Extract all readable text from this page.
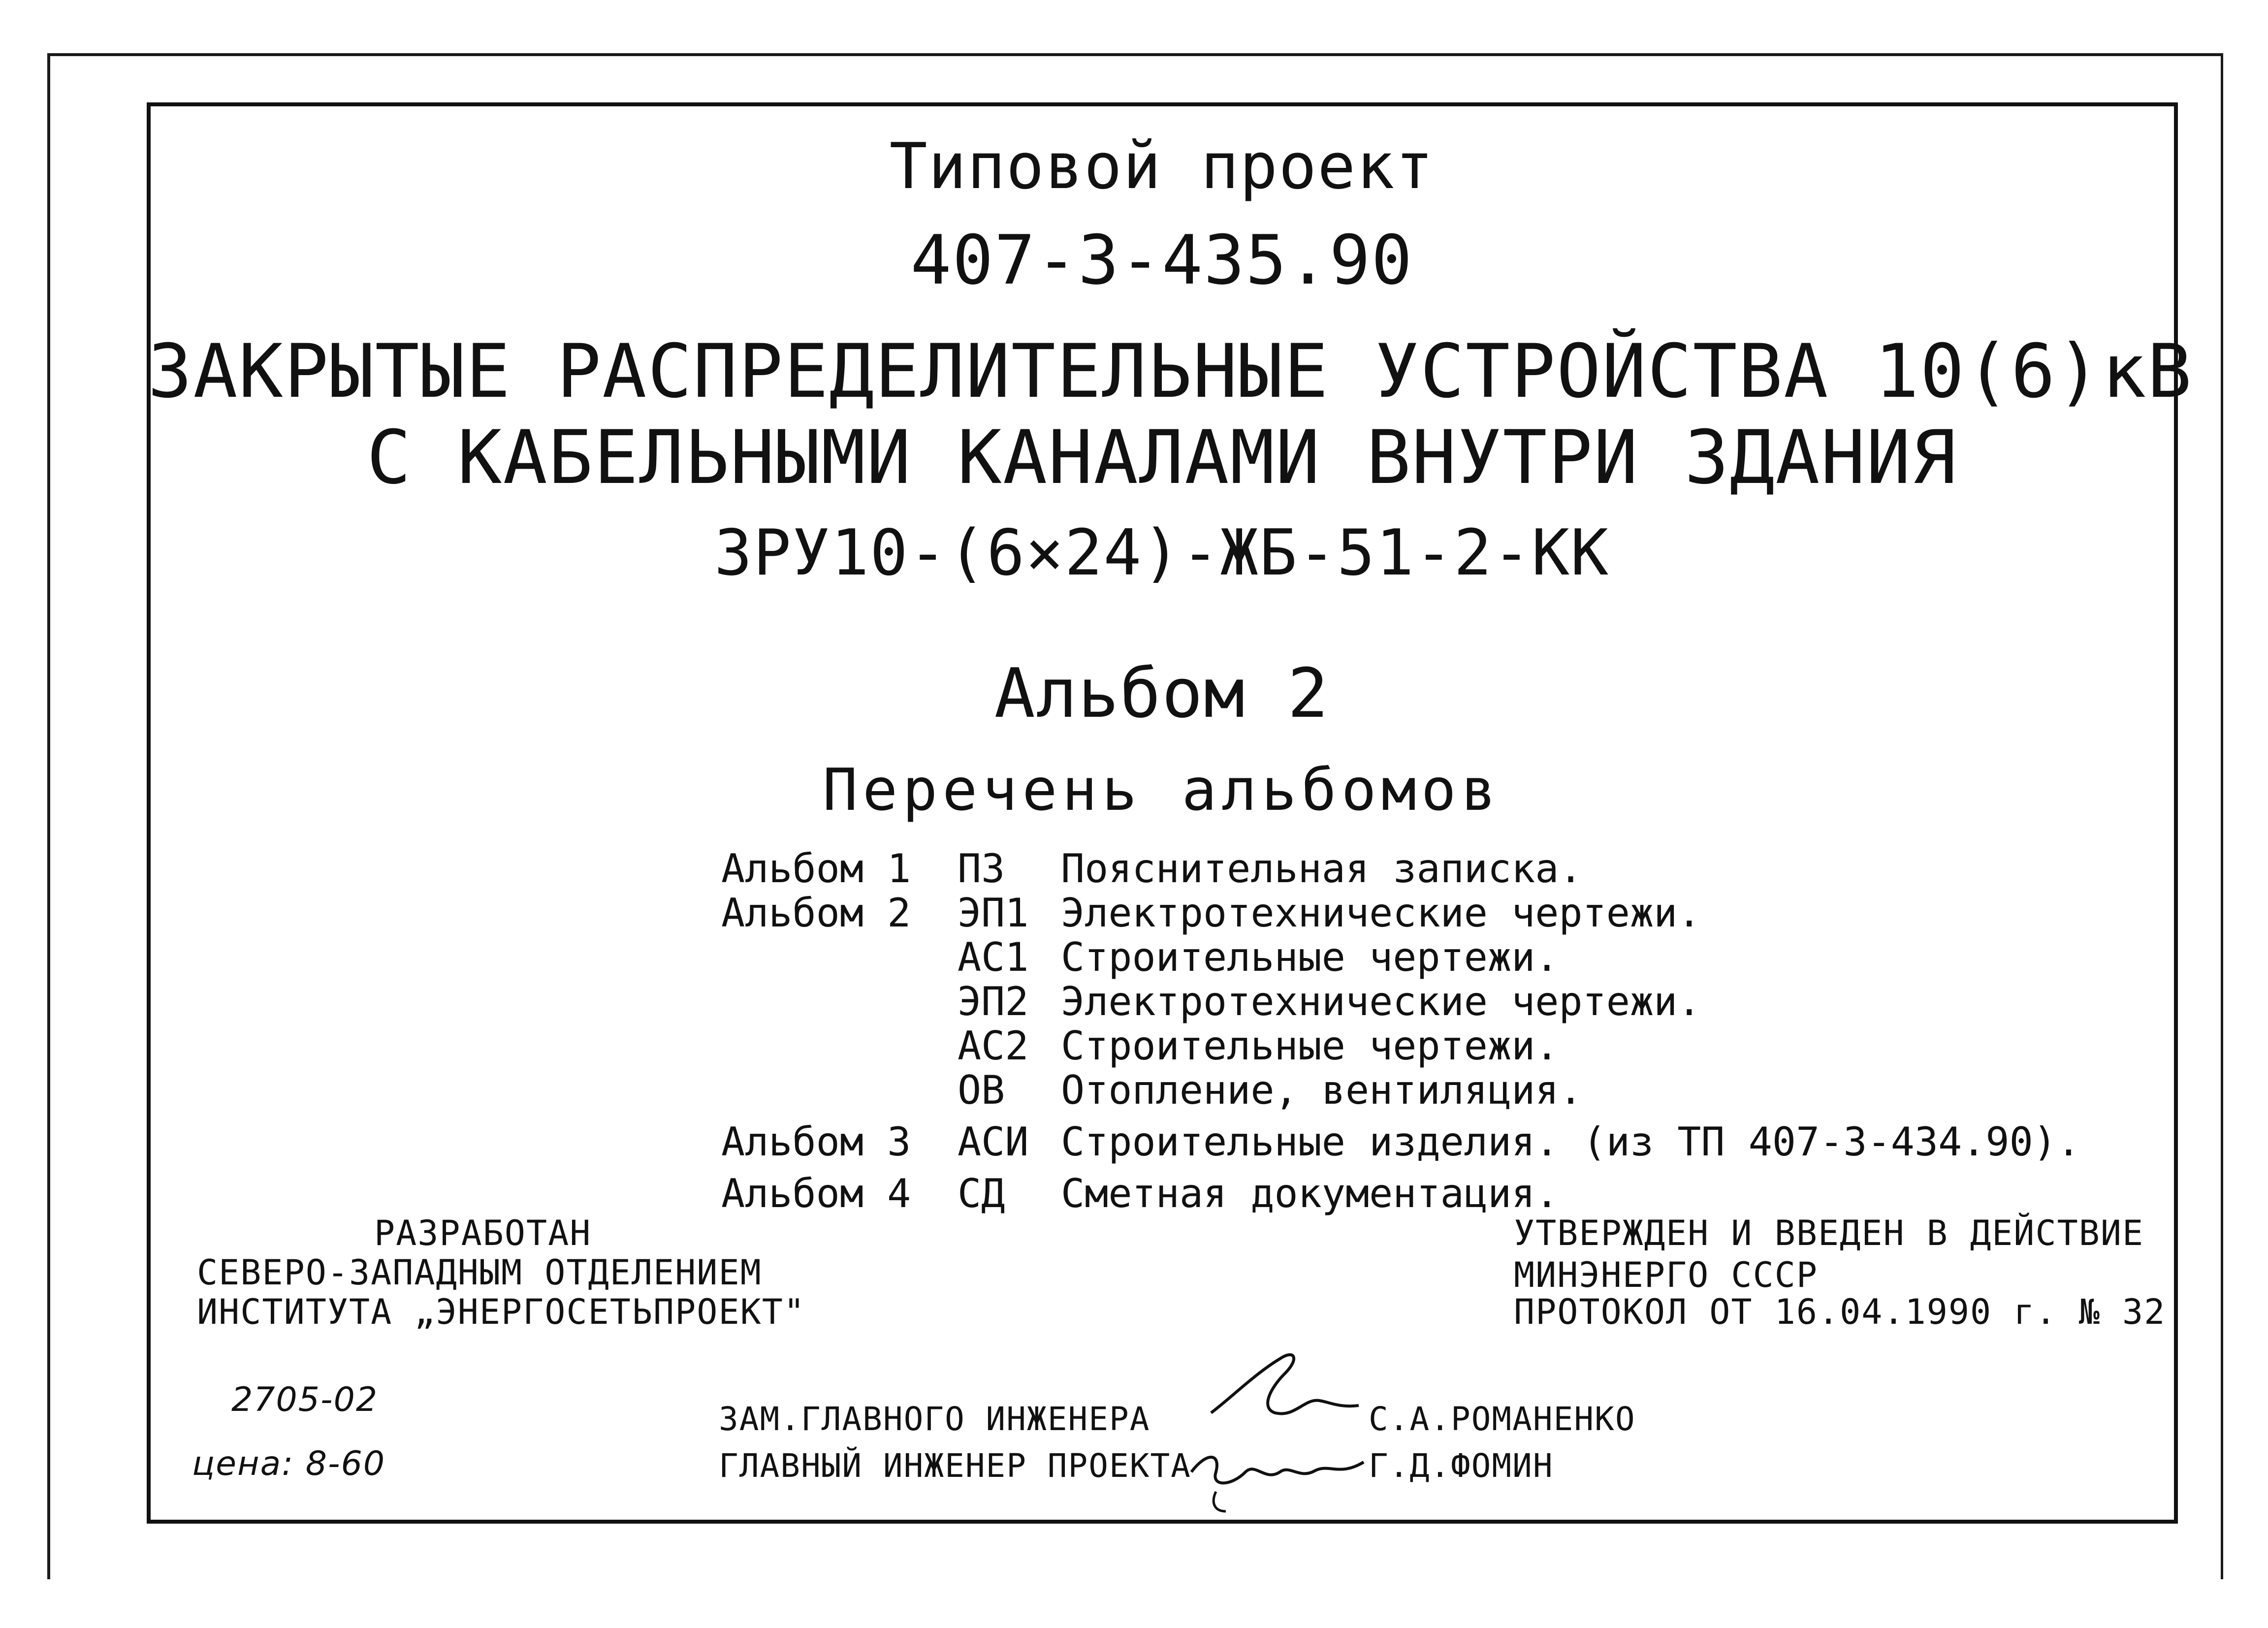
Типовой проект
407-3-435.90
ЗАКРЫТЫЕ РАСПРЕДЕЛИТЕЛЬНЫЕ УСТРОЙСТВА 10(6)кВ
С КАБЕЛЬНЫМИ КАНАЛАМИ ВНУТРИ ЗДАНИЯ
ЗРУ10-(6×24)-ЖБ-51-2-КК
Альбом 2
Перечень альбомов
Альбом 1 ПЗ Пояснительная записка.
Альбом 2 ЭП1 Электротехнические чертежи.
АС1 Строительные чертежи.
ЭП2 Электротехнические чертежи.
АС2 Строительные чертежи.
ОВ Отопление, вентиляция.
Альбом 3 АСИ Строительные изделия. (из ТП 407-3-434.90).
Альбом 4 СД Сметная документация.
РАЗРАБОТАН
СЕВЕРО-ЗАПАДНЫМ ОТДЕЛЕНИЕМ
ИНСТИТУТА „ЭНЕРГОСЕТЬПРОЕКТ"
УТВЕРЖДЕН И ВВЕДЕН В ДЕЙСТВИЕ
МИНЭНЕРГО СССР
ПРОТОКОЛ ОТ 16.04.1990 г. № 32
2705-02
цена: 8-60
ЗАМ.ГЛАВНОГО ИНЖЕНЕРА	С.А.РОМАНЕНКО
ГЛАВНЫЙ ИНЖЕНЕР ПРОЕКТА	Г.Д.ФОМИН
